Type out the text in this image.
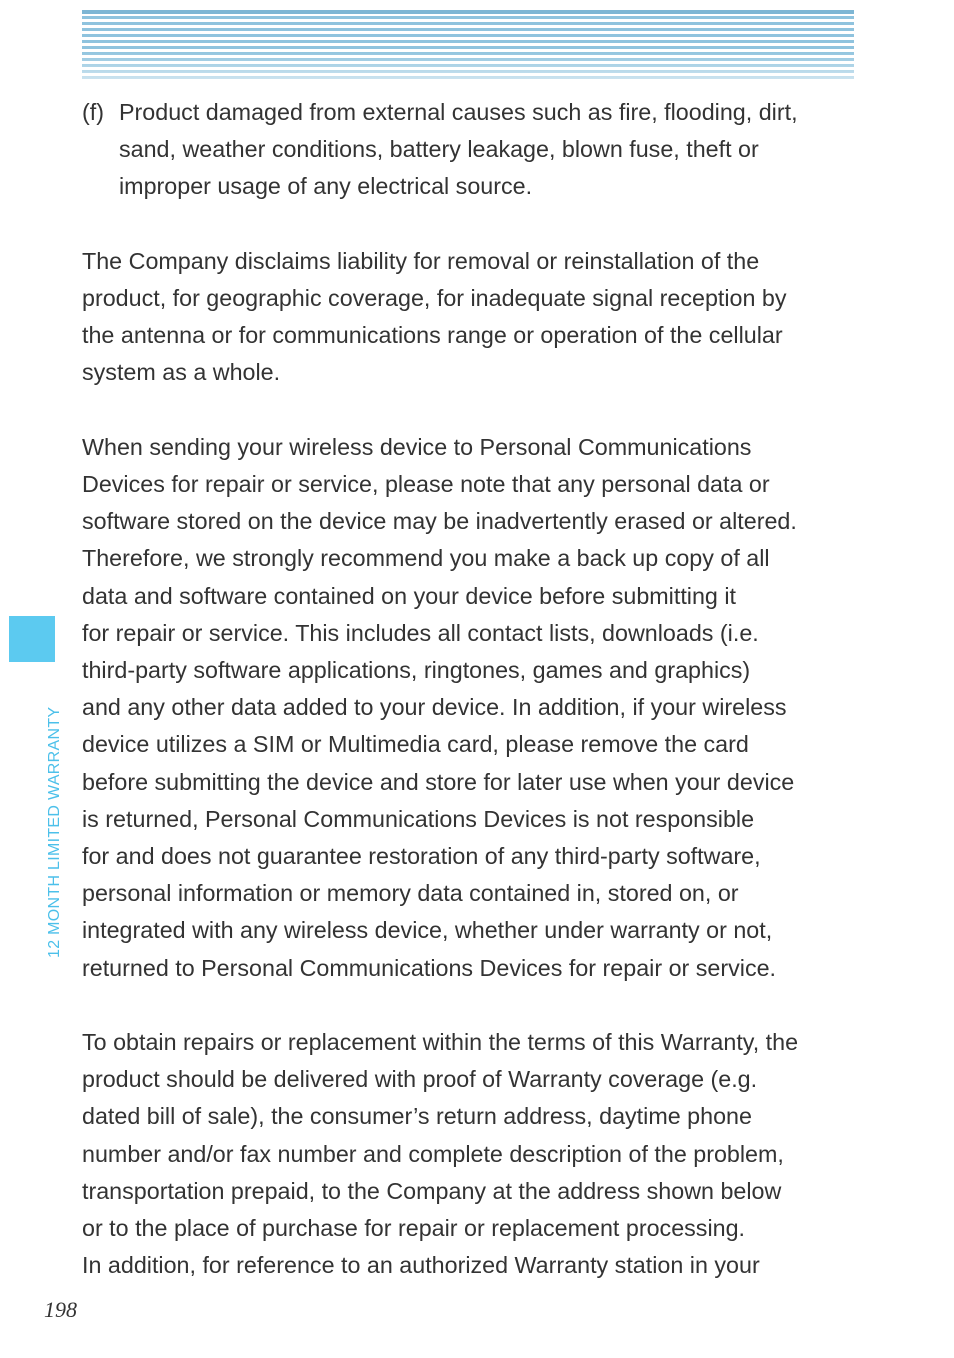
12 MONTH LIMITED WARRANTY
(f) Product damaged from external causes such as fire, flooding, dirt,

sand, weather conditions, battery leakage, blown fuse, theft or

improper usage of any electrical source.

The Company disclaims liability for removal or reinstallation of the

product, for geographic coverage, for inadequate signal reception by

the antenna or for communications range or operation of the cellular

system as a whole.

When sending your wireless device to Personal Communications

Devices for repair or service, please note that any personal data or

software stored on the device may be inadvertently erased or altered.

Therefore, we strongly recommend you make a back up copy of all

data and software contained on your device before submitting it

for repair or service. This includes all contact lists, downloads (i.e.

third-party software applications, ringtones, games and graphics)

and any other data added to your device. In addition, if your wireless

device utilizes a SIM or Multimedia card, please remove the card

before submitting the device and store for later use when your device

is returned, Personal Communications Devices is not responsible

for and does not guarantee restoration of any third-party software,

personal information or memory data contained in, stored on, or

integrated with any wireless device, whether under warranty or not,

returned to Personal Communications Devices for repair or service.

To obtain repairs or replacement within the terms of this Warranty, the

product should be delivered with proof of Warranty coverage (e.g.

dated bill of sale), the consumer’s return address, daytime phone

number and/or fax number and complete description of the problem,

transportation prepaid, to the Company at the address shown below

or to the place of purchase for repair or replacement processing.

In addition, for reference to an authorized Warranty station in your

198
